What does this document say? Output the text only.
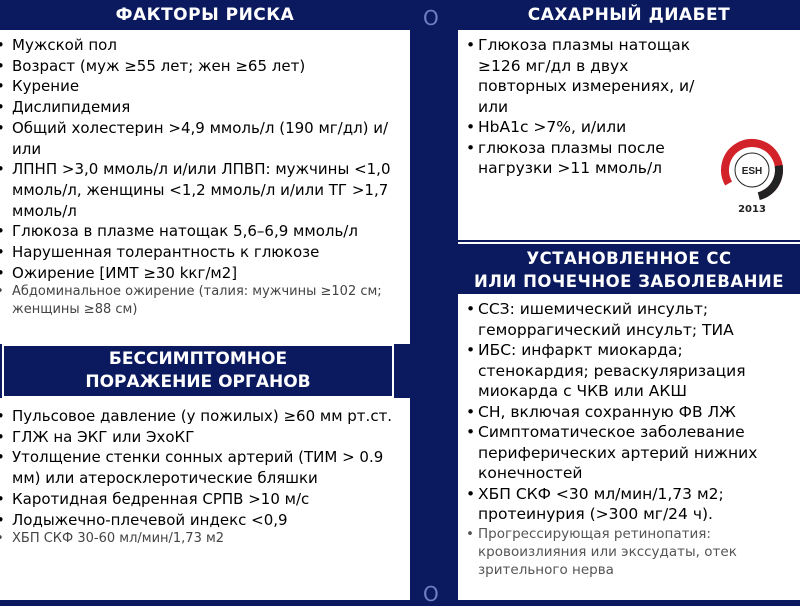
О
О
ФАКТОРЫ РИСКА
• Мужской пол
• Возраст (муж ≥55 лет; жен ≥65 лет)
• Курение
• Дислипидемия
• Общий холестерин >4,9 ммоль/л (190 мг/дл) и/или
• ЛПНП >3,0 ммоль/л и/или ЛПВП: мужчины <1,0 ммоль/л, женщины <1,2 ммоль/л и/или ТГ >1,7 ммоль/л
• Глюкоза в плазме натощак 5,6–6,9 ммоль/л
• Нарушенная толерантность к глюкозе
• Ожирение [ИМТ ≥30 kкг/м2]
• Абдоминальное ожирение (талия: мужчины ≥102 см; женщины ≥88 см)
БЕССИМПТОМНОЕ
ПОРАЖЕНИЕ ОРГАНОВ
• Пульсовое давление (у пожилых) ≥60 мм рт.ст.
• ГЛЖ на ЭКГ или ЭхоКГ
• Утолщение стенки сонных артерий (ТИМ > 0.9 мм) или атеросклеротические бляшки
• Каротидная бедренная СРПВ >10 м/с
• Лодыжечно-плечевой индекс <0,9
• ХБП СКФ 30-60 мл/мин/1,73 м2
САХАРНЫЙ ДИАБЕТ
• Глюкоза плазмы натощак ≥126 мг/дл в двух повторных измерениях, и/или
• HbA1c >7%, и/или
• глюкоза плазмы после нагрузки >11 ммоль/л	ESH
2013
УСТАНОВЛЕННОЕ СС
ИЛИ ПОЧЕЧНОЕ ЗАБОЛЕВАНИЕ
• ССЗ: ишемический инсульт; геморрагический инсульт; ТИА
• ИБС: инфаркт миокарда; стенокардия; реваскуляризация миокарда с ЧКВ или АКШ
• СН, включая сохранную ФВ ЛЖ
• Симптоматическое заболевание периферических артерий нижних конечностей
• ХБП СКФ <30 мл/мин/1,73 м2; протеинурия (>300 мг/24 ч).
• Прогрессирующая ретинопатия: кровоизлияния или экссудаты, отек зрительного нерва
